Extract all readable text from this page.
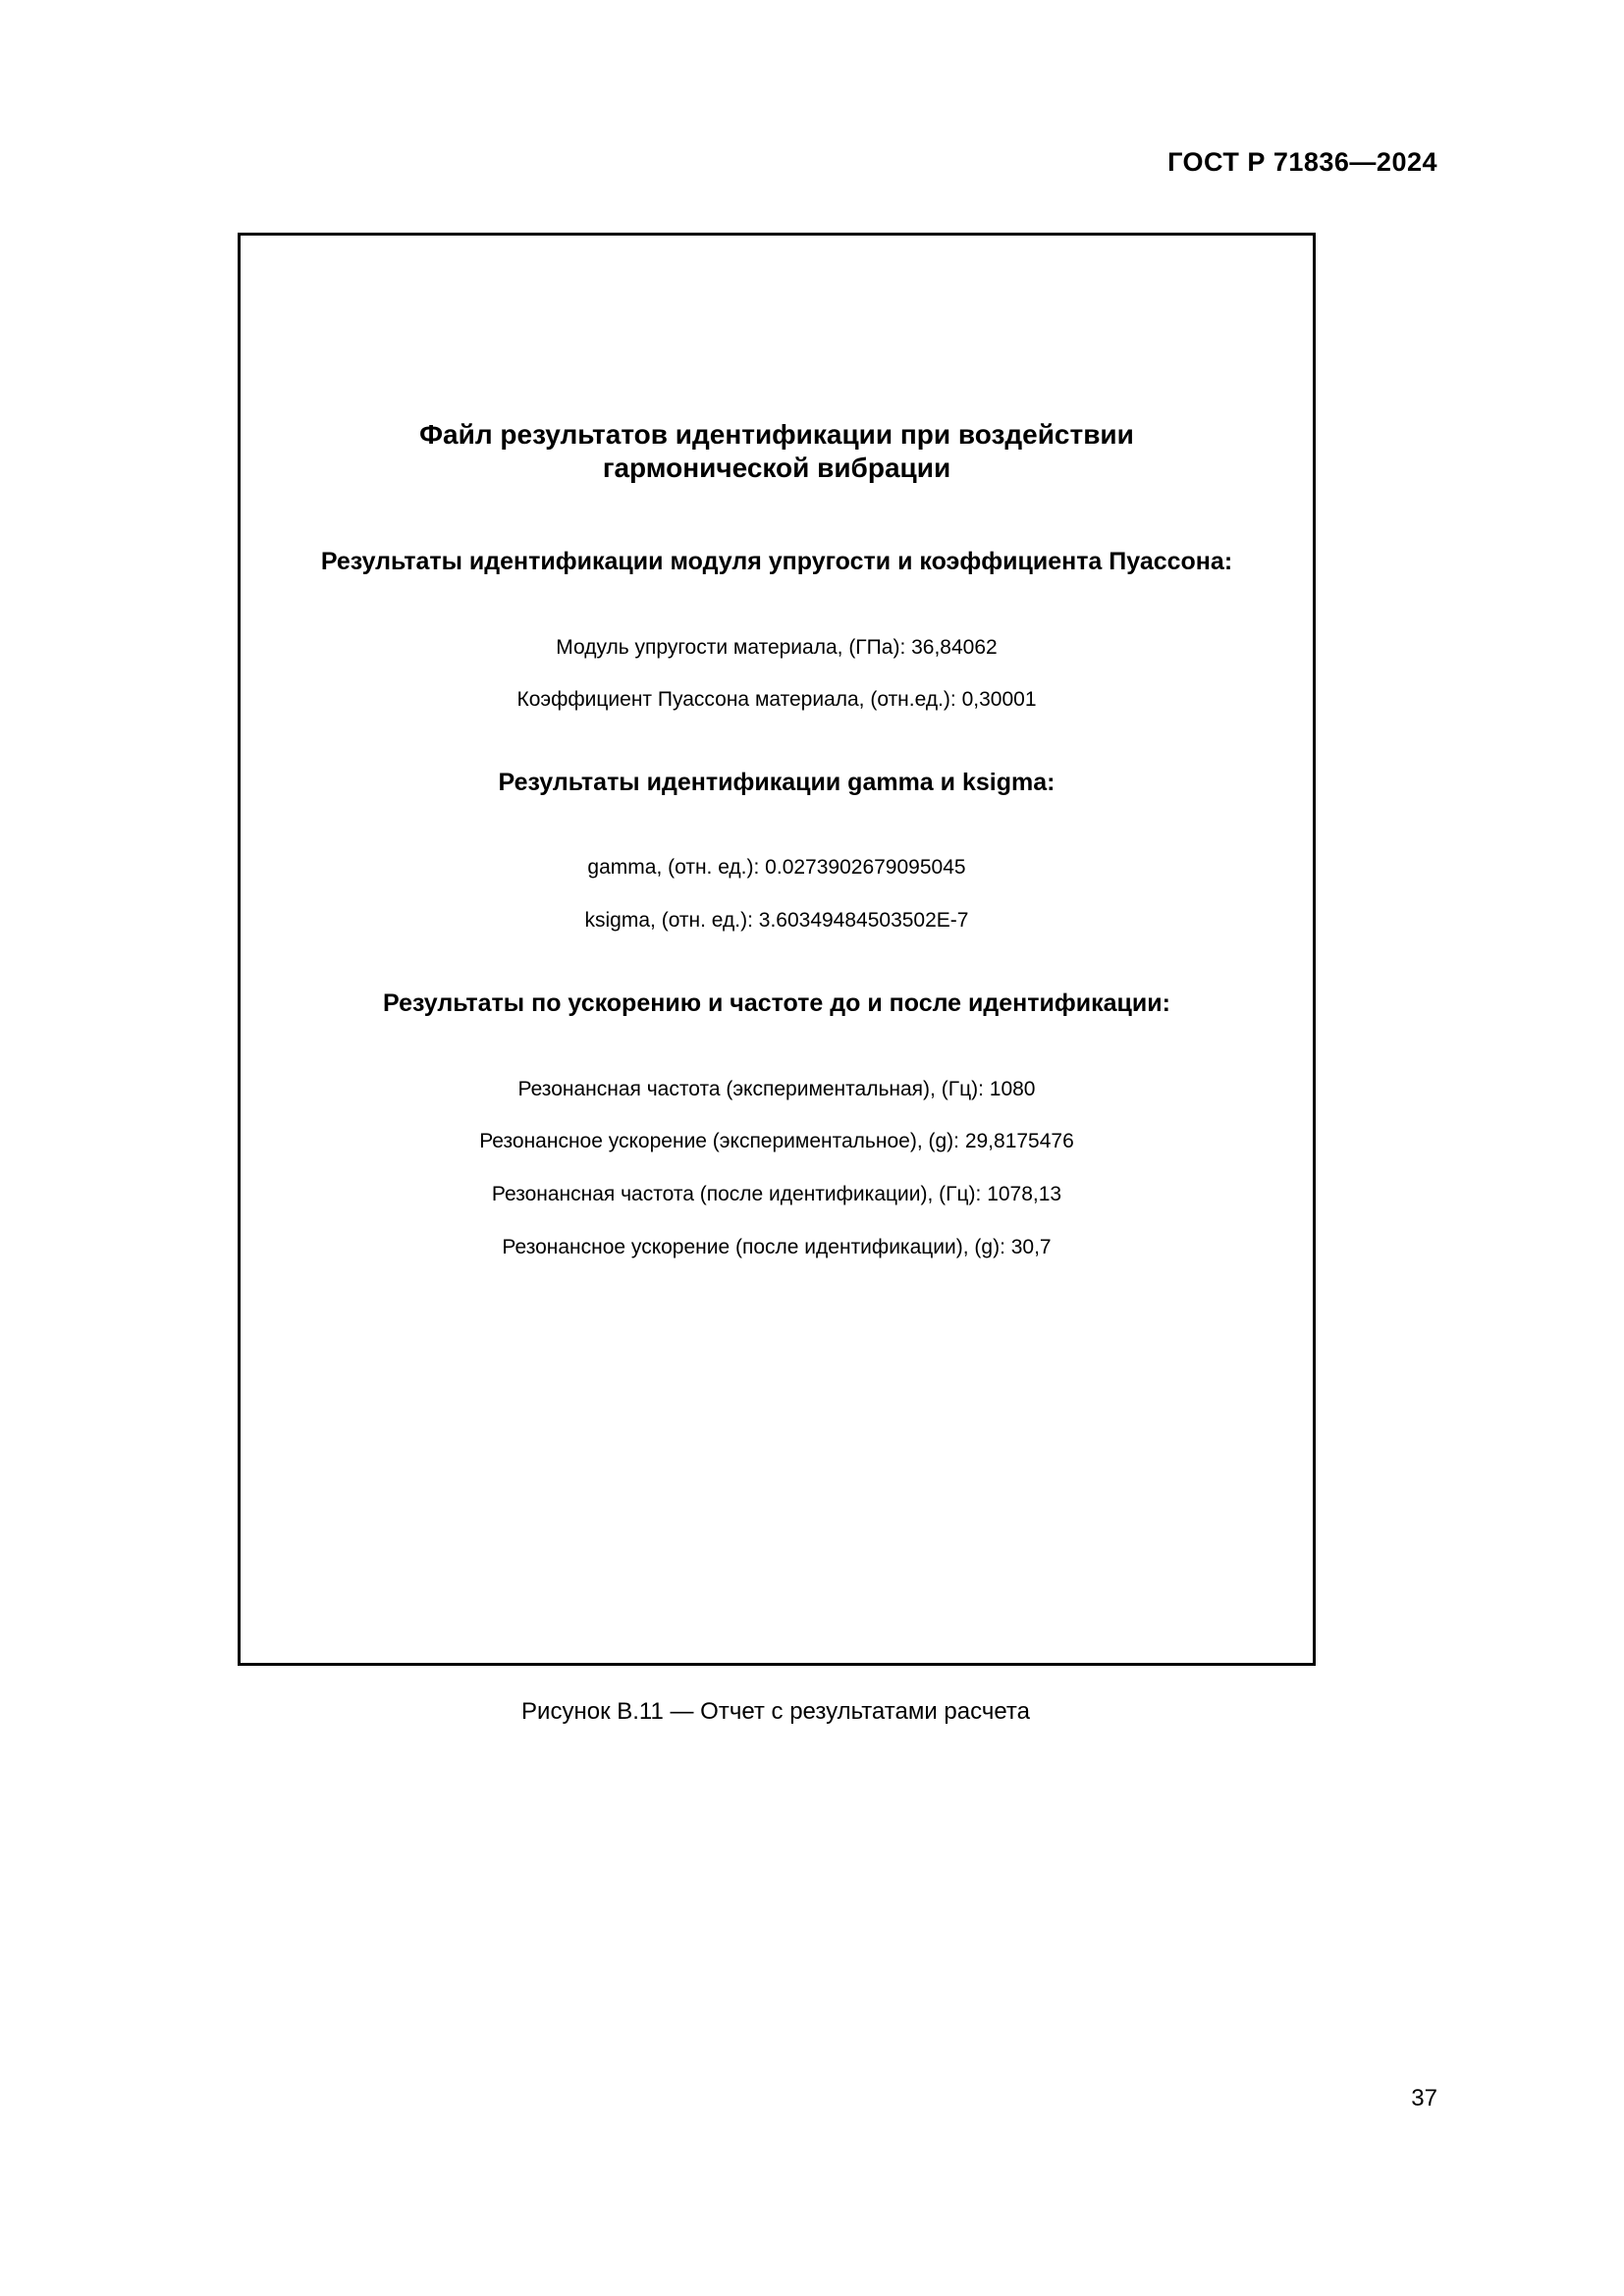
ГОСТ Р 71836—2024
Файл результатов идентификации при воздействии
гармонической вибрации
Результаты идентификации модуля упругости и коэффициента Пуассона:
Модуль упругости материала, (ГПа): 36,84062
Коэффициент Пуассона материала, (отн.ед.): 0,30001
Результаты идентификации gamma и ksigma:
gamma, (отн. ед.): 0.0273902679095045
ksigma, (отн. ед.): 3.60349484503502E-7
Результаты по ускорению и частоте до и после идентификации:
Резонансная частота (экспериментальная), (Гц): 1080
Резонансное ускорение (экспериментальное), (g): 29,8175476
Резонансная частота (после идентификации), (Гц): 1078,13
Резонансное ускорение (после идентификации), (g): 30,7
Рисунок В.11 — Отчет с результатами расчета
37
